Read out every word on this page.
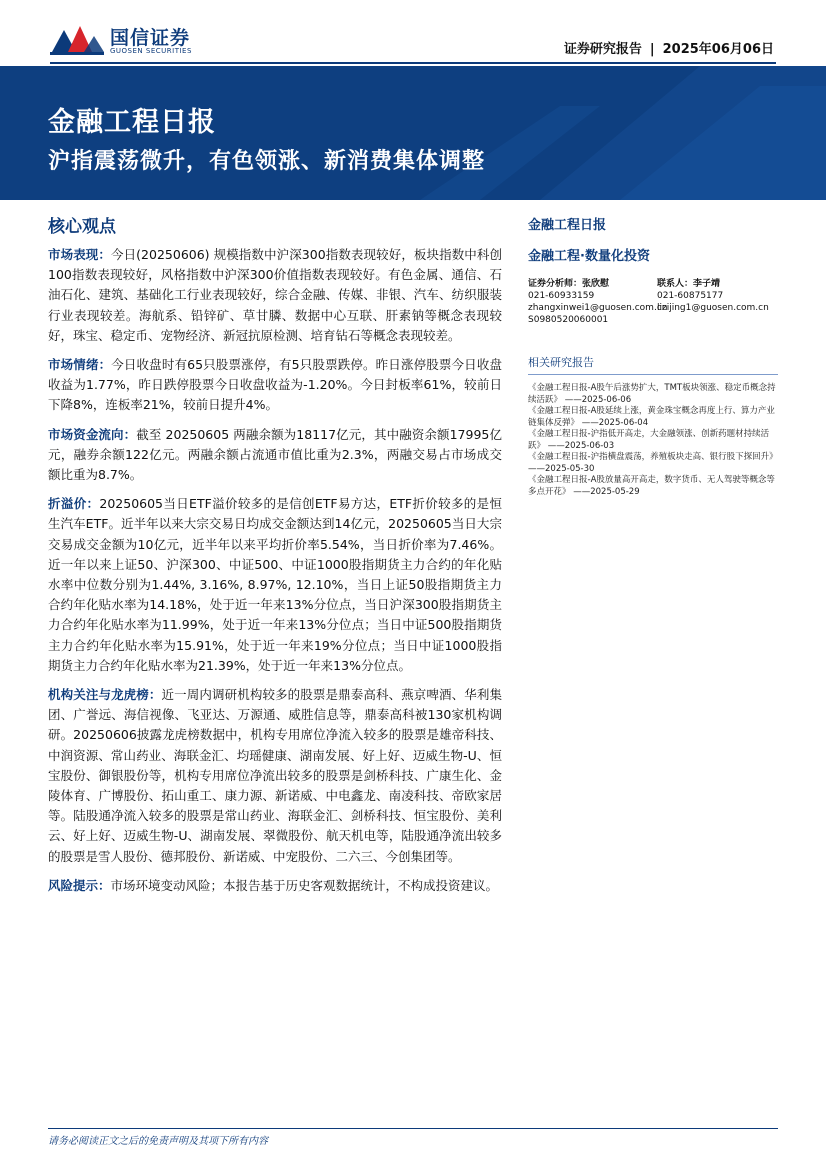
国信证券
GUOSEN SECURITIES	证券研究报告 | 2025年06月06日
金融工程日报
沪指震荡微升，有色领涨、新消费集体调整
核心观点

市场表现：今日(20250606) 规模指数中沪深300指数表现较好，板块指数中科创100指数表现较好，风格指数中沪深300价值指数表现较好。有色金属、通信、石油石化、建筑、基础化工行业表现较好，综合金融、传媒、非银、汽车、纺织服装行业表现较差。海航系、铅锌矿、草甘膦、数据中心互联、肝素钠等概念表现较好，珠宝、稳定币、宠物经济、新冠抗原检测、培育钻石等概念表现较差。

市场情绪：今日收盘时有65只股票涨停，有5只股票跌停。昨日涨停股票今日收盘收益为1.77%，昨日跌停股票今日收盘收益为-1.20%。今日封板率61%，较前日下降8%，连板率21%，较前日提升4%。

市场资金流向：截至 20250605 两融余额为18117亿元，其中融资余额17995亿元，融券余额122亿元。两融余额占流通市值比重为2.3%，两融交易占市场成交额比重为8.7%。

折溢价：20250605当日ETF溢价较多的是信创ETF易方达，ETF折价较多的是恒生汽车ETF。近半年以来大宗交易日均成交金额达到14亿元，20250605当日大宗交易成交金额为10亿元，近半年以来平均折价率5.54%，当日折价率为7.46%。近一年以来上证50、沪深300、中证500、中证1000股指期货主力合约的年化贴水率中位数分别为1.44%, 3.16%, 8.97%, 12.10%，当日上证50股指期货主力合约年化贴水率为14.18%，处于近一年来13%分位点，当日沪深300股指期货主力合约年化贴水率为11.99%，处于近一年来13%分位点；当日中证500股指期货主力合约年化贴水率为15.91%，处于近一年来19%分位点；当日中证1000股指期货主力合约年化贴水率为21.39%，处于近一年来13%分位点。

机构关注与龙虎榜：近一周内调研机构较多的股票是鼎泰高科、燕京啤酒、华利集团、广誉远、海信视像、飞亚达、万源通、威胜信息等，鼎泰高科被130家机构调研。20250606披露龙虎榜数据中，机构专用席位净流入较多的股票是雄帝科技、中润资源、常山药业、海联金汇、均瑶健康、湖南发展、好上好、迈威生物-U、恒宝股份、御银股份等，机构专用席位净流出较多的股票是剑桥科技、广康生化、金陵体育、广博股份、拓山重工、康力源、新诺威、中电鑫龙、南凌科技、帝欧家居等。陆股通净流入较多的股票是常山药业、海联金汇、剑桥科技、恒宝股份、美利云、好上好、迈威生物-U、湖南发展、翠微股份、航天机电等，陆股通净流出较多的股票是雪人股份、德邦股份、新诺威、中宠股份、二六三、今创集团等。

风险提示：市场环境变动风险；本报告基于历史客观数据统计，不构成投资建议。

金融工程日报
金融工程·数量化投资
证券分析师：张欣慰
021-60933159
zhangxinwei1@guosen.com.cn
S0980520060001
联系人：李子靖
021-60875177
lizijing1@guosen.com.cn
相关研究报告
《金融工程日报-A股午后涨势扩大，TMT板块领涨、稳定币概念持续活跃》 ——2025-06-06
《金融工程日报-A股延续上涨，黄金珠宝概念再度上行、算力产业链集体反弹》 ——2025-06-04
《金融工程日报-沪指低开高走，大金融领涨、创新药题材持续活跃》 ——2025-06-03
《金融工程日报-沪指横盘震荡，养殖板块走高、银行股下探回升》 ——2025-05-30
《金融工程日报-A股放量高开高走，数字货币、无人驾驶等概念等多点开花》 ——2025-05-29
请务必阅读正文之后的免责声明及其项下所有内容
